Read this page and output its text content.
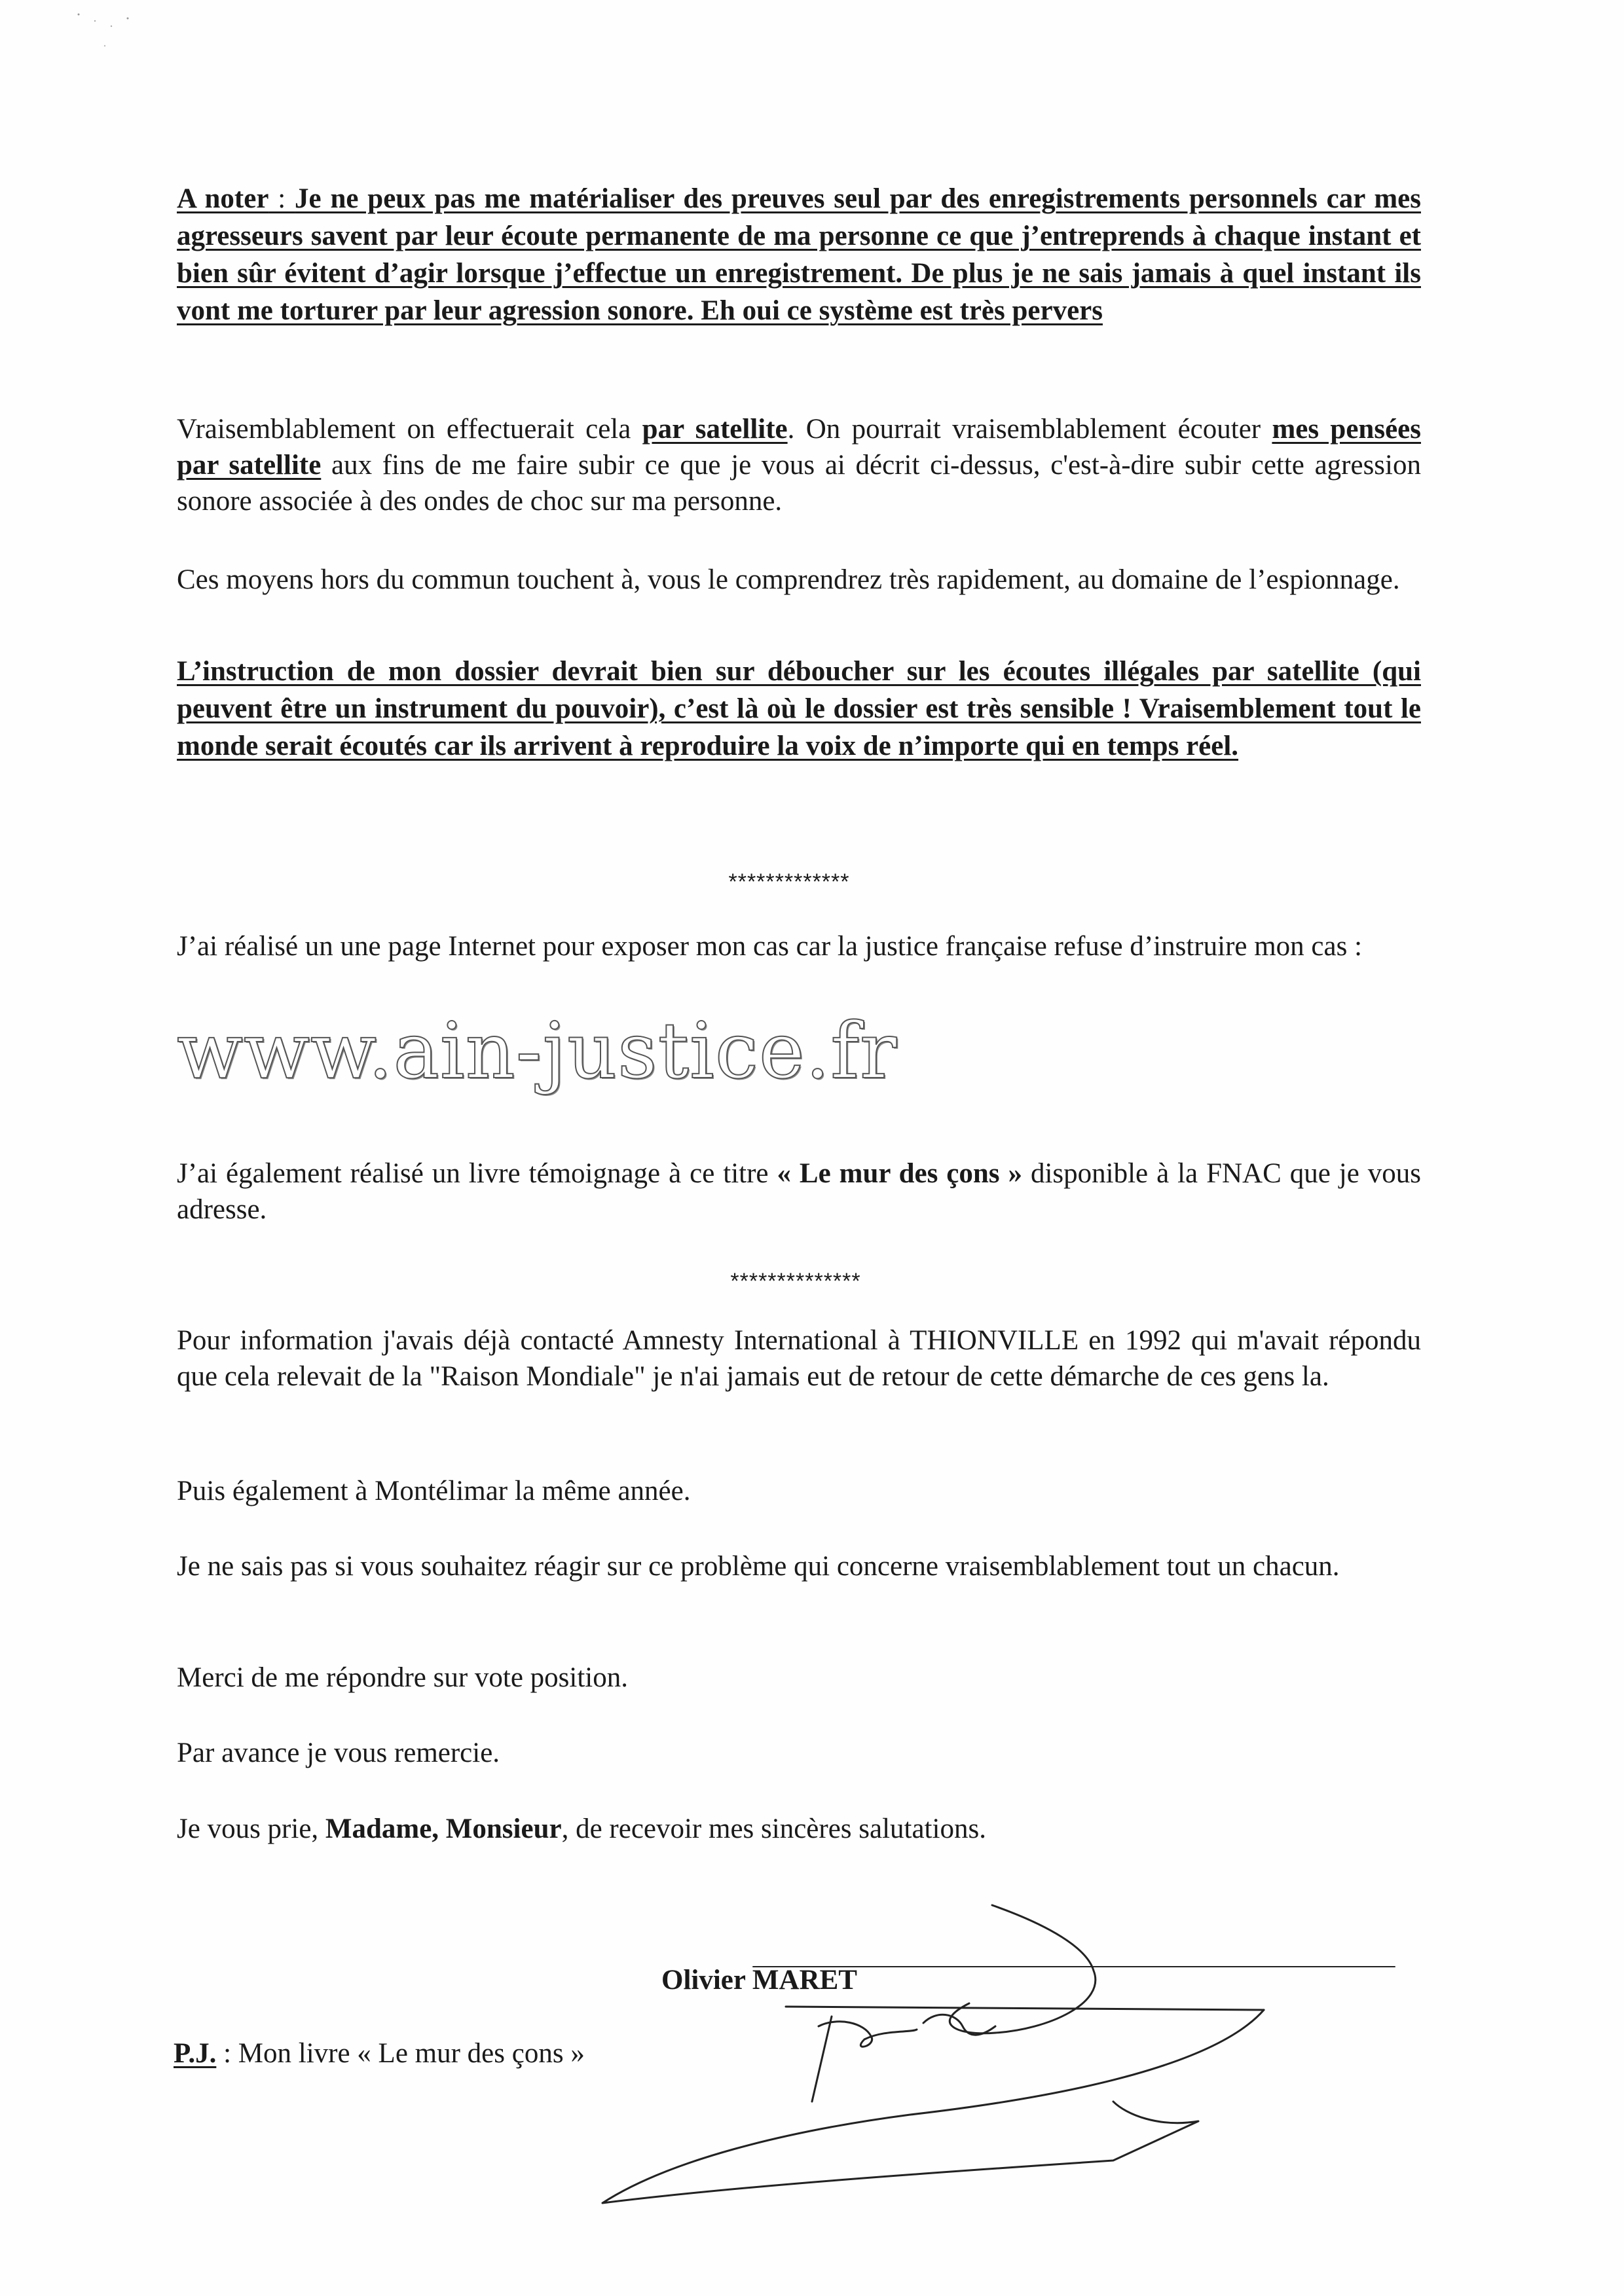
A noter : Je ne peux pas me matérialiser des preuves seul par des enregistrements personnels car mes agresseurs savent par leur écoute permanente de ma personne ce que j’entreprends à chaque instant et bien sûr évitent d’agir lorsque j’effectue un enregistrement. De plus je ne sais jamais à quel instant ils vont me torturer par leur agression sonore. Eh oui ce système est très pervers
Vraisemblablement on effectuerait cela par satellite. On pourrait vraisemblablement écouter mes pensées par satellite aux fins de me faire subir ce que je vous ai décrit ci-dessus, c'est-à-dire subir cette agression sonore associée à des ondes de choc sur ma personne.
Ces moyens hors du commun touchent à, vous le comprendrez très rapidement, au domaine de l’espionnage.
L’instruction de mon dossier devrait bien sur déboucher sur les écoutes illégales par satellite (qui peuvent être un instrument du pouvoir), c’est là où le dossier est très sensible ! Vraisemblement tout le monde serait écoutés car ils arrivent à reproduire la voix de n’importe qui en temps réel.
*************
J’ai réalisé un une page Internet pour exposer mon cas car la justice française refuse d’instruire mon cas :
www.ain-justice.fr
J’ai également réalisé un livre témoignage à ce titre « Le mur des çons » disponible à la FNAC que je vous adresse.
**************
Pour information j'avais déjà contacté Amnesty International à THIONVILLE en 1992 qui m'avait répondu que cela relevait de la "Raison Mondiale" je n'ai jamais eut de retour de cette démarche de ces gens la.
Puis également à Montélimar la même année.
Je ne sais pas si vous souhaitez réagir sur ce problème qui concerne vraisemblablement tout un chacun.
Merci de me répondre sur vote position.
Par avance je vous remercie.
Je vous prie, Madame, Monsieur, de recevoir mes sincères salutations.
Olivier MARET
P.J. : Mon livre « Le mur des çons »
